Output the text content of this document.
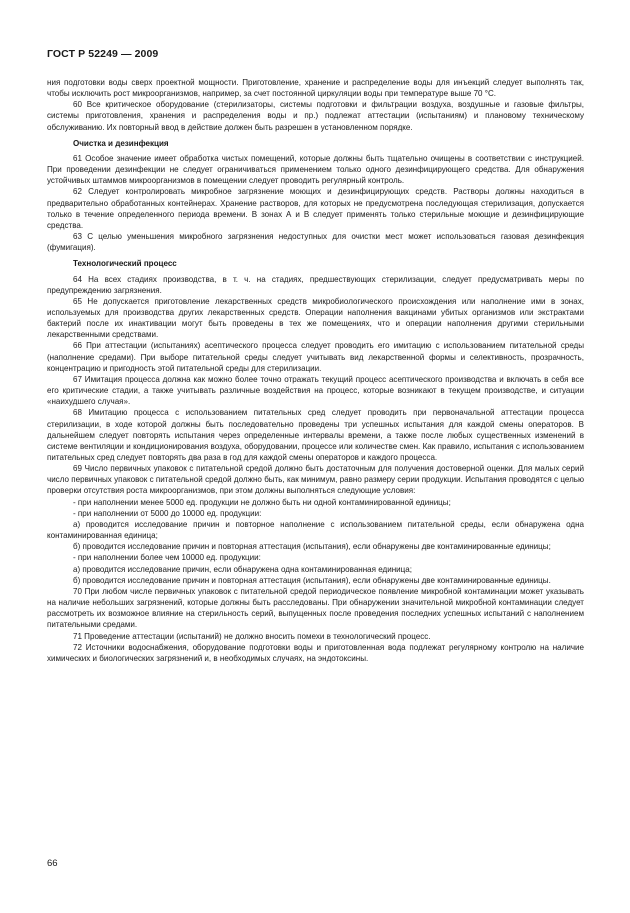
ГОСТ Р 52249 — 2009

ния подготовки воды сверх проектной мощности. Приготовление, хранение и распределение воды для инъекций следует выполнять так, чтобы исключить рост микроорганизмов, например, за счет постоянной циркуляции воды при температуре выше 70 °С.

60 Все критическое оборудование (стерилизаторы, системы подготовки и фильтрации воздуха, воздушные и газовые фильтры, системы приготовления, хранения и распределения воды и пр.) подлежат аттестации (испытаниям) и плановому техническому обслуживанию. Их повторный ввод в действие должен быть разрешен в установленном порядке.

Очистка и дезинфекция

61 Особое значение имеет обработка чистых помещений, которые должны быть тщательно очищены в соответствии с инструкцией. При проведении дезинфекции не следует ограничиваться применением только одного дезинфицирующего средства. Для обнаружения устойчивых штаммов микроорганизмов в помещении следует проводить регулярный контроль.

62 Следует контролировать микробное загрязнение моющих и дезинфицирующих средств. Растворы должны находиться в предварительно обработанных контейнерах. Хранение растворов, для которых не предусмотрена последующая стерилизация, допускается только в течение определенного периода времени. В зонах А и В следует применять только стерильные моющие и дезинфицирующие средства.

63 С целью уменьшения микробного загрязнения недоступных для очистки мест может использоваться газовая дезинфекция (фумигация).

Технологический процесс

64 На всех стадиях производства, в т. ч. на стадиях, предшествующих стерилизации, следует предусматривать меры по предупреждению загрязнения.

65 Не допускается приготовление лекарственных средств микробиологического происхождения или наполнение ими в зонах, используемых для производства других лекарственных средств. Операции наполнения вакцинами убитых организмов или экстрактами бактерий после их инактивации могут быть проведены в тех же помещениях, что и операции наполнения другими стерильными лекарственными средствами.

66 При аттестации (испытаниях) асептического процесса следует проводить его имитацию с использованием питательной среды (наполнение средами). При выборе питательной среды следует учитывать вид лекарственной формы и селективность, прозрачность, концентрацию и пригодность этой питательной среды для стерилизации.

67 Имитация процесса должна как можно более точно отражать текущий процесс асептического производства и включать в себя все его критические стадии, а также учитывать различные воздействия на процесс, которые возникают в текущем производстве, и ситуации «наихудшего случая».

68 Имитацию процесса с использованием питательных сред следует проводить при первоначальной аттестации процесса стерилизации, в ходе которой должны быть последовательно проведены три успешных испытания для каждой смены операторов. В дальнейшем следует повторять испытания через определенные интервалы времени, а также после любых существенных изменений в системе вентиляции и кондиционирования воздуха, оборудовании, процессе или количестве смен. Как правило, испытания с использованием питательных сред следует повторять два раза в год для каждой смены операторов и каждого процесса.

69 Число первичных упаковок с питательной средой должно быть достаточным для получения достоверной оценки. Для малых серий число первичных упаковок с питательной средой должно быть, как минимум, равно размеру серии продукции. Испытания проводятся с целью проверки отсутствия роста микроорганизмов, при этом должны выполняться следующие условия:

- при наполнении менее 5000 ед. продукции не должно быть ни одной контаминированной единицы;

- при наполнении от 5000 до 10000 ед. продукции:

а) проводится исследование причин и повторное наполнение с использованием питательной среды, если обнаружена одна контаминированная единица;

б) проводится исследование причин и повторная аттестация (испытания), если обнаружены две контаминированные единицы;

- при наполнении более чем 10000 ед. продукции:

а) проводится исследование причин, если обнаружена одна контаминированная единица;

б) проводится исследование причин и повторная аттестация (испытания), если обнаружены две контаминированные единицы.

70 При любом числе первичных упаковок с питательной средой периодическое появление микробной контаминации может указывать на наличие небольших загрязнений, которые должны быть расследованы. При обнаружении значительной микробной контаминации следует рассмотреть их возможное влияние на стерильность серий, выпущенных после проведения последних успешных испытаний с наполнением питательными средами.

71 Проведение аттестации (испытаний) не должно вносить помехи в технологический процесс.

72 Источники водоснабжения, оборудование подготовки воды и приготовленная вода подлежат регулярному контролю на наличие химических и биологических загрязнений и, в необходимых случаях, на эндотоксины.

66
